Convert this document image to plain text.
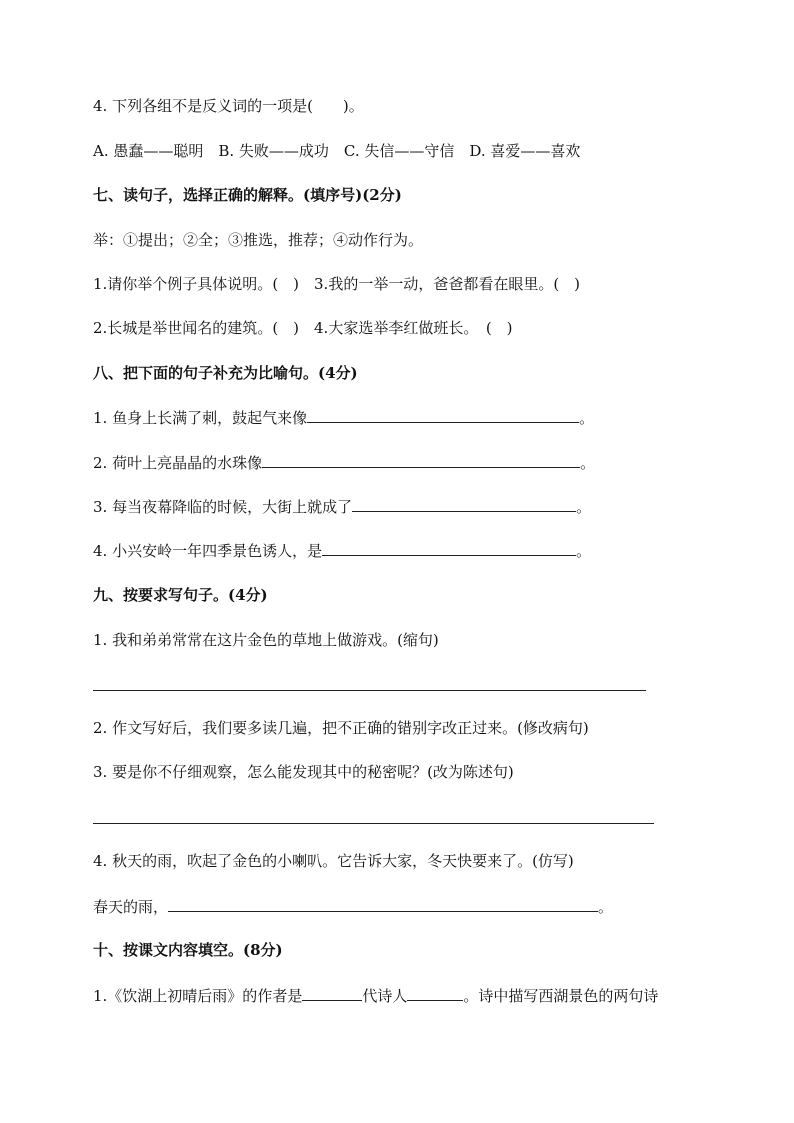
4. 下列各组不是反义词的一项是(　　)。
A. 愚蠢——聪明　B. 失败——成功　C. 失信——守信　D. 喜爱——喜欢
七、读句子，选择正确的解释。(填序号)(2分)
举：①提出；②全；③推选，推荐；④动作行为。
1.请你举个例子具体说明。(　)　3.我的一举一动，爸爸都看在眼里。(　)
2.长城是举世闻名的建筑。(　)　4.大家选举李红做班长。　(　)
八、把下面的句子补充为比喻句。(4分)
1. 鱼身上长满了刺，鼓起气来像	。
2. 荷叶上亮晶晶的水珠像	。
3. 每当夜幕降临的时候，大街上就成了	。
4. 小兴安岭一年四季景色诱人，是	。
九、按要求写句子。(4分)
1. 我和弟弟常常在这片金色的草地上做游戏。(缩句)
2. 作文写好后，我们要多读几遍，把不正确的错别字改正过来。(修改病句)
3. 要是你不仔细观察，怎么能发现其中的秘密呢？(改为陈述句)
4. 秋天的雨，吹起了金色的小喇叭。它告诉大家，冬天快要来了。(仿写)
春天的雨，	。
十、按课文内容填空。(8分)
1.《饮湖上初晴后雨》的作者是	代诗人	。诗中描写西湖景色的两句诗
